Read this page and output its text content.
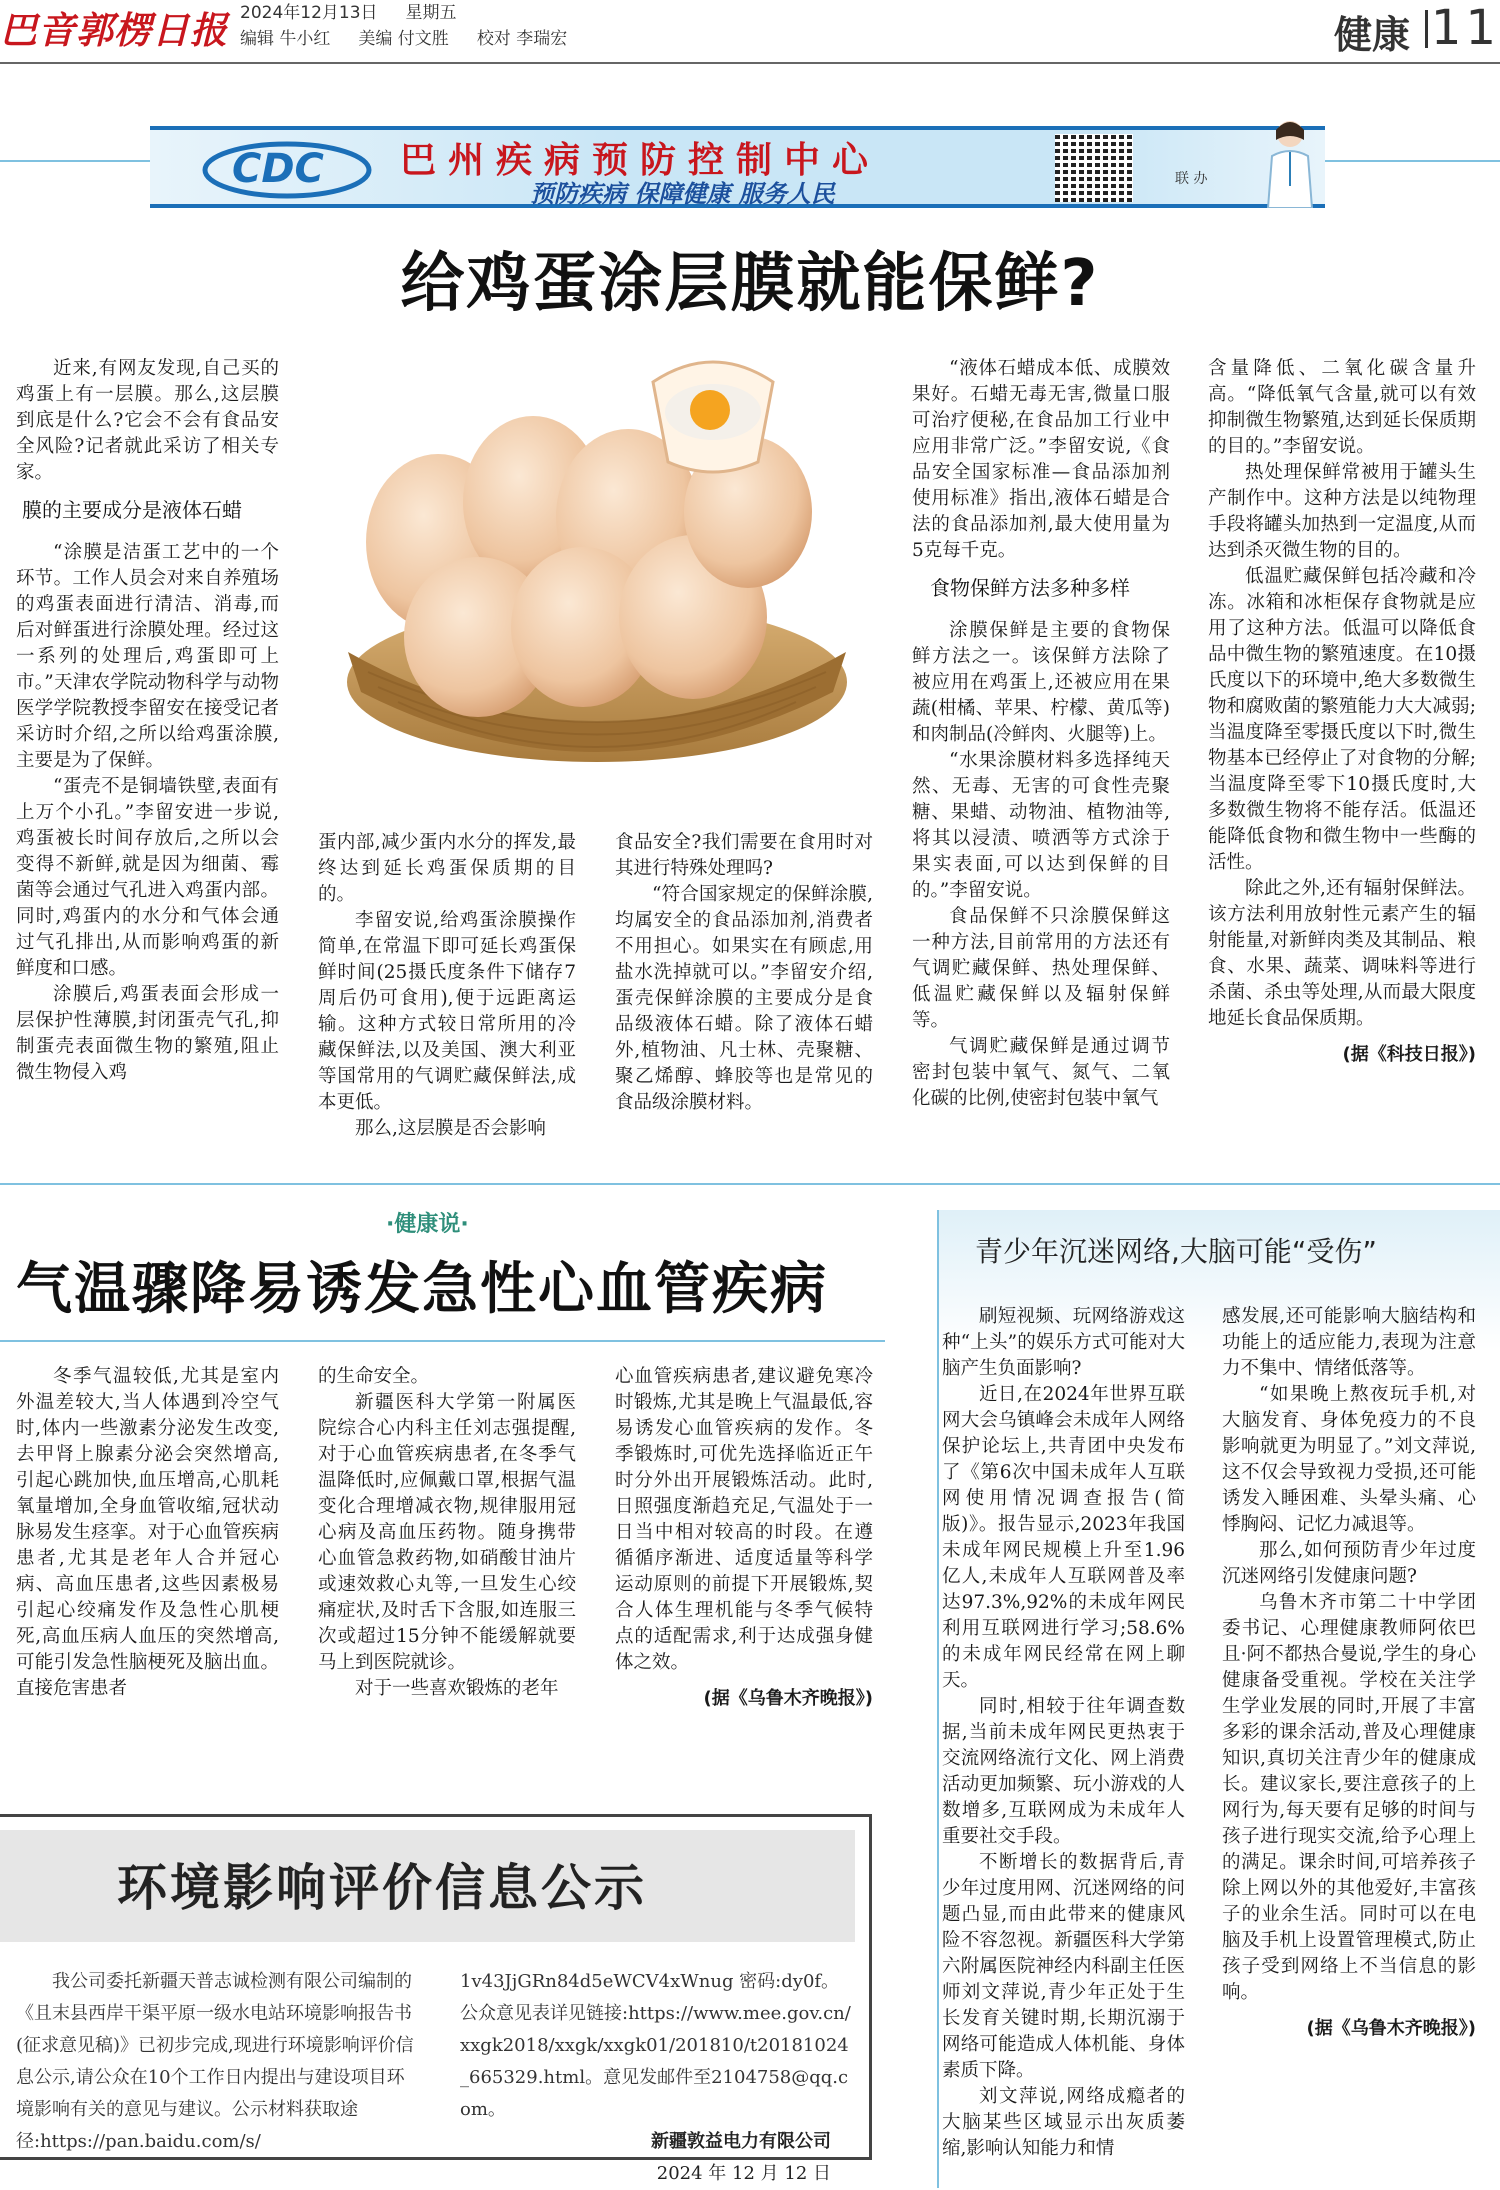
巴音郭楞日报 2024年12月13日 星期五
编辑 牛小红 美编 付文胜 校对 李瑞宏	健康 11
CDC 巴州疾病预防控制中心
预防疾病 保障健康 服务人民
联 办
给鸡蛋涂层膜就能保鲜?
近来,有网友发现,自己买的鸡蛋上有一层膜。那么,这层膜到底是什么?它会不会有食品安全风险?记者就此采访了相关专家。
膜的主要成分是液体石蜡
“涂膜是洁蛋工艺中的一个环节。工作人员会对来自养殖场的鸡蛋表面进行清洁、消毒,而后对鲜蛋进行涂膜处理。经过这一系列的处理后,鸡蛋即可上市。”天津农学院动物科学与动物医学学院教授李留安在接受记者采访时介绍,之所以给鸡蛋涂膜,主要是为了保鲜。
“蛋壳不是铜墙铁壁,表面有上万个小孔。”李留安进一步说,鸡蛋被长时间存放后,之所以会变得不新鲜,就是因为细菌、霉菌等会通过气孔进入鸡蛋内部。同时,鸡蛋内的水分和气体会通过气孔排出,从而影响鸡蛋的新鲜度和口感。
涂膜后,鸡蛋表面会形成一层保护性薄膜,封闭蛋壳气孔,抑制蛋壳表面微生物的繁殖,阻止微生物侵入鸡
蛋内部,减少蛋内水分的挥发,最终达到延长鸡蛋保质期的目的。
李留安说,给鸡蛋涂膜操作简单,在常温下即可延长鸡蛋保鲜时间(25摄氏度条件下储存7周后仍可食用),便于远距离运输。这种方式较日常所用的冷藏保鲜法,以及美国、澳大利亚等国常用的气调贮藏保鲜法,成本更低。
那么,这层膜是否会影响
食品安全?我们需要在食用时对其进行特殊处理吗?
“符合国家规定的保鲜涂膜,均属安全的食品添加剂,消费者不用担心。如果实在有顾虑,用盐水洗掉就可以。”李留安介绍,蛋壳保鲜涂膜的主要成分是食品级液体石蜡。除了液体石蜡外,植物油、凡士林、壳聚糖、聚乙烯醇、蜂胶等也是常见的食品级涂膜材料。
“液体石蜡成本低、成膜效果好。石蜡无毒无害,微量口服可治疗便秘,在食品加工行业中应用非常广泛。”李留安说,《食品安全国家标准—食品添加剂使用标准》指出,液体石蜡是合法的食品添加剂,最大使用量为5克每千克。
食物保鲜方法多种多样
涂膜保鲜是主要的食物保鲜方法之一。该保鲜方法除了被应用在鸡蛋上,还被应用在果蔬(柑橘、苹果、柠檬、黄瓜等)和肉制品(冷鲜肉、火腿等)上。
“水果涂膜材料多选择纯天然、无毒、无害的可食性壳聚糖、果蜡、动物油、植物油等,将其以浸渍、喷洒等方式涂于果实表面,可以达到保鲜的目的。”李留安说。
食品保鲜不只涂膜保鲜这一种方法,目前常用的方法还有气调贮藏保鲜、热处理保鲜、低温贮藏保鲜以及辐射保鲜等。
气调贮藏保鲜是通过调节密封包装中氧气、氮气、二氧化碳的比例,使密封包装中氧气
含量降低、二氧化碳含量升高。“降低氧气含量,就可以有效抑制微生物繁殖,达到延长保质期的目的。”李留安说。
热处理保鲜常被用于罐头生产制作中。这种方法是以纯物理手段将罐头加热到一定温度,从而达到杀灭微生物的目的。
低温贮藏保鲜包括冷藏和冷冻。冰箱和冰柜保存食物就是应用了这种方法。低温可以降低食品中微生物的繁殖速度。在10摄氏度以下的环境中,绝大多数微生物和腐败菌的繁殖能力大大减弱;当温度降至零摄氏度以下时,微生物基本已经停止了对食物的分解;当温度降至零下10摄氏度时,大多数微生物将不能存活。低温还能降低食物和微生物中一些酶的活性。
除此之外,还有辐射保鲜法。该方法利用放射性元素产生的辐射能量,对新鲜肉类及其制品、粮食、水果、蔬菜、调味料等进行杀菌、杀虫等处理,从而最大限度地延长食品保质期。
(据《科技日报》)
·健康说·
气温骤降易诱发急性心血管疾病
冬季气温较低,尤其是室内外温差较大,当人体遇到冷空气时,体内一些激素分泌发生改变,去甲肾上腺素分泌会突然增高,引起心跳加快,血压增高,心肌耗氧量增加,全身血管收缩,冠状动脉易发生痉挛。对于心血管疾病患者,尤其是老年人合并冠心病、高血压患者,这些因素极易引起心绞痛发作及急性心肌梗死,高血压病人血压的突然增高,可能引发急性脑梗死及脑出血。直接危害患者
的生命安全。
新疆医科大学第一附属医院综合心内科主任刘志强提醒,对于心血管疾病患者,在冬季气温降低时,应佩戴口罩,根据气温变化合理增减衣物,规律服用冠心病及高血压药物。随身携带心血管急救药物,如硝酸甘油片或速效救心丸等,一旦发生心绞痛症状,及时舌下含服,如连服三次或超过15分钟不能缓解就要马上到医院就诊。
对于一些喜欢锻炼的老年
心血管疾病患者,建议避免寒冷时锻炼,尤其是晚上气温最低,容易诱发心血管疾病的发作。冬季锻炼时,可优先选择临近正午时分外出开展锻炼活动。此时,日照强度渐趋充足,气温处于一日当中相对较高的时段。在遵循循序渐进、适度适量等科学运动原则的前提下开展锻炼,契合人体生理机能与冬季气候特点的适配需求,利于达成强身健体之效。
(据《乌鲁木齐晚报》)
青少年沉迷网络,大脑可能“受伤”
刷短视频、玩网络游戏这种“上头”的娱乐方式可能对大脑产生负面影响?
近日,在2024年世界互联网大会乌镇峰会未成年人网络保护论坛上,共青团中央发布了《第6次中国未成年人互联网使用情况调查报告(简版)》。报告显示,2023年我国未成年网民规模上升至1.96亿人,未成年人互联网普及率达97.3%,92%的未成年网民利用互联网进行学习;58.6%的未成年网民经常在网上聊天。
同时,相较于往年调查数据,当前未成年网民更热衷于交流网络流行文化、网上消费活动更加频繁、玩小游戏的人数增多,互联网成为未成年人重要社交手段。
不断增长的数据背后,青少年过度用网、沉迷网络的问题凸显,而由此带来的健康风险不容忽视。新疆医科大学第六附属医院神经内科副主任医师刘文萍说,青少年正处于生长发育关键时期,长期沉溺于网络可能造成人体机能、身体素质下降。
刘文萍说,网络成瘾者的大脑某些区域显示出灰质萎缩,影响认知能力和情
感发展,还可能影响大脑结构和功能上的适应能力,表现为注意力不集中、情绪低落等。
“如果晚上熬夜玩手机,对大脑发育、身体免疫力的不良影响就更为明显了。”刘文萍说,这不仅会导致视力受损,还可能诱发入睡困难、头晕头痛、心悸胸闷、记忆力减退等。
那么,如何预防青少年过度沉迷网络引发健康问题?
乌鲁木齐市第二十中学团委书记、心理健康教师阿依巴且·阿不都热合曼说,学生的身心健康备受重视。学校在关注学生学业发展的同时,开展了丰富多彩的课余活动,普及心理健康知识,真切关注青少年的健康成长。建议家长,要注意孩子的上网行为,每天要有足够的时间与孩子进行现实交流,给予心理上的满足。课余时间,可培养孩子除上网以外的其他爱好,丰富孩子的业余生活。同时可以在电脑及手机上设置管理模式,防止孩子受到网络上不当信息的影响。
(据《乌鲁木齐晚报》)
环境影响评价信息公示

我公司委托新疆天普志诚检测有限公司编制的《且末县西岸干渠平原一级水电站环境影响报告书(征求意见稿)》已初步完成,现进行环境影响评价信息公示,请公众在10个工作日内提出与建设项目环境影响有关的意见与建议。公示材料获取途径:https://pan.baidu.com/s/

1v43JjGRn84d5eWCV4xWnug 密码:dy0f。公众意见表详见链接:https://www.mee.gov.cn/xxgk2018/xxgk/xxgk01/201810/t20181024_665329.html。意见发邮件至2104758@qq.com。

新疆敦益电力有限公司
2024 年 12 月 12 日
